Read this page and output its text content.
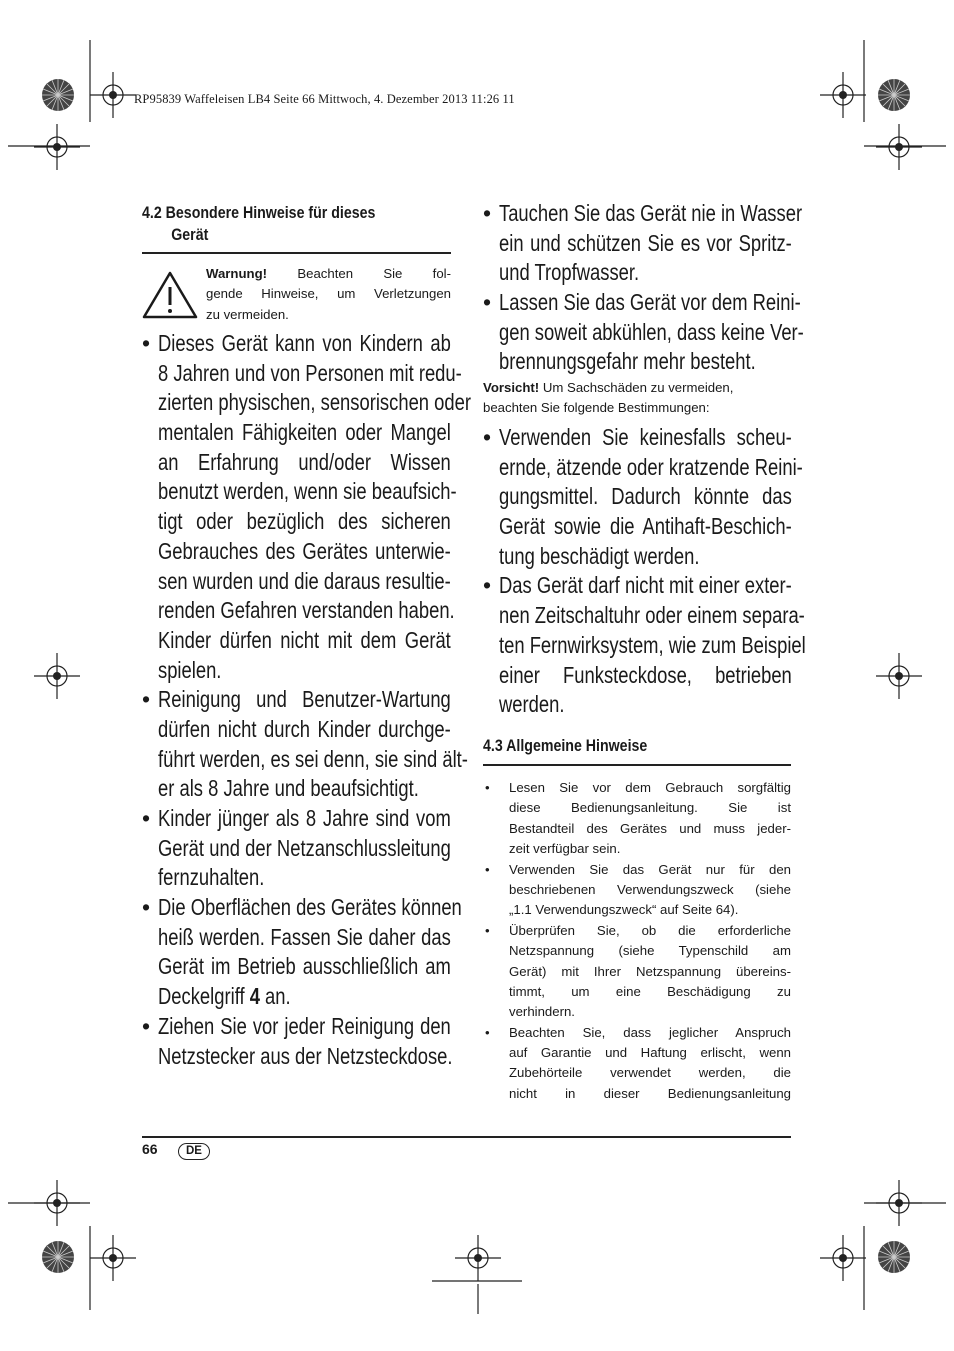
RP95839 Waffeleisen LB4 Seite 66 Mittwoch, 4. Dezember 2013 11:26 11
4.2 Besondere Hinweise für dieses
Gerät
Warnung! Beachten Sie fol-
gende Hinweise, um Verletzungen
zu vermeiden.
• Dieses Gerät kann von Kindern ab
8 Jahren und von Personen mit redu-
zierten physischen, sensorischen oder
mentalen Fähigkeiten oder Mangel
an Erfahrung und/oder Wissen
benutzt werden, wenn sie beaufsich-
tigt oder bezüglich des sicheren
Gebrauches des Gerätes unterwie-
sen wurden und die daraus resultie-
renden Gefahren verstanden haben.
Kinder dürfen nicht mit dem Gerät
spielen.
• Reinigung und Benutzer-Wartung
dürfen nicht durch Kinder durchge-
führt werden, es sei denn, sie sind ält-
er als 8 Jahre und beaufsichtigt.
• Kinder jünger als 8 Jahre sind vom
Gerät und der Netzanschlussleitung
fernzuhalten.
• Die Oberflächen des Gerätes können
heiß werden. Fassen Sie daher das
Gerät im Betrieb ausschließlich am
Deckelgriff 4 an.
• Ziehen Sie vor jeder Reinigung den
Netzstecker aus der Netzsteckdose.
• Tauchen Sie das Gerät nie in Wasser
ein und schützen Sie es vor Spritz-
und Tropfwasser.
• Lassen Sie das Gerät vor dem Reini-
gen soweit abkühlen, dass keine Ver-
brennungsgefahr mehr besteht.
Vorsicht! Um Sachschäden zu vermeiden,
beachten Sie folgende Bestimmungen:
• Verwenden Sie keinesfalls scheu-
ernde, ätzende oder kratzende Reini-
gungsmittel. Dadurch könnte das
Gerät sowie die Antihaft-Beschich-
tung beschädigt werden.
• Das Gerät darf nicht mit einer exter-
nen Zeitschaltuhr oder einem separa-
ten Fernwirksystem, wie zum Beispiel
einer Funksteckdose, betrieben
werden.
4.3 Allgemeine Hinweise
• Lesen Sie vor dem Gebrauch sorgfältig
diese Bedienungsanleitung. Sie ist
Bestandteil des Gerätes und muss jeder-
zeit verfügbar sein.
• Verwenden Sie das Gerät nur für den
beschriebenen Verwendungszweck (siehe
„1.1 Verwendungszweck“ auf Seite 64).
• Überprüfen Sie, ob die erforderliche
Netzspannung (siehe Typenschild am
Gerät) mit Ihrer Netzspannung übereins-
timmt, um eine Beschädigung zu
verhindern.
• Beachten Sie, dass jeglicher Anspruch
auf Garantie und Haftung erlischt, wenn
Zubehörteile verwendet werden, die
nicht in dieser Bedienungsanleitung
66	DE
